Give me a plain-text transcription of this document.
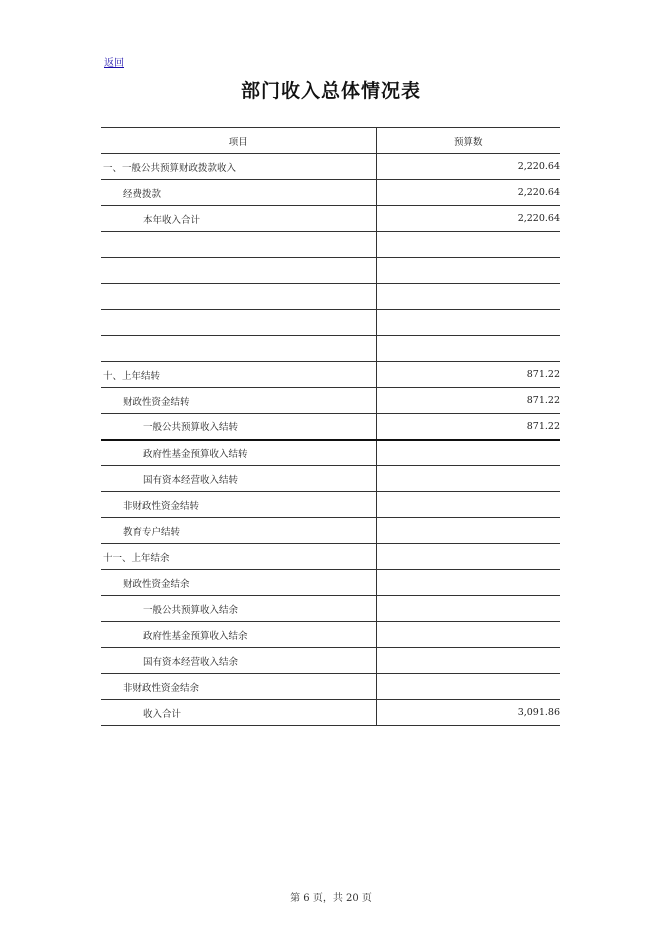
返回
部门收入总体情况表
项目	预算数
一、一般公共预算财政拨款收入	2,220.64
经费拨款	2,220.64
本年收入合计	2,220.64

十、上年结转	871.22
财政性资金结转	871.22
一般公共预算收入结转	871.22
政府性基金预算收入结转	
国有资本经营收入结转	
非财政性资金结转	
教育专户结转	
十一、上年结余	
财政性资金结余	
一般公共预算收入结余	
政府性基金预算收入结余	
国有资本经营收入结余	
非财政性资金结余	
收入合计	3,091.86
第 6 页，共 20 页
